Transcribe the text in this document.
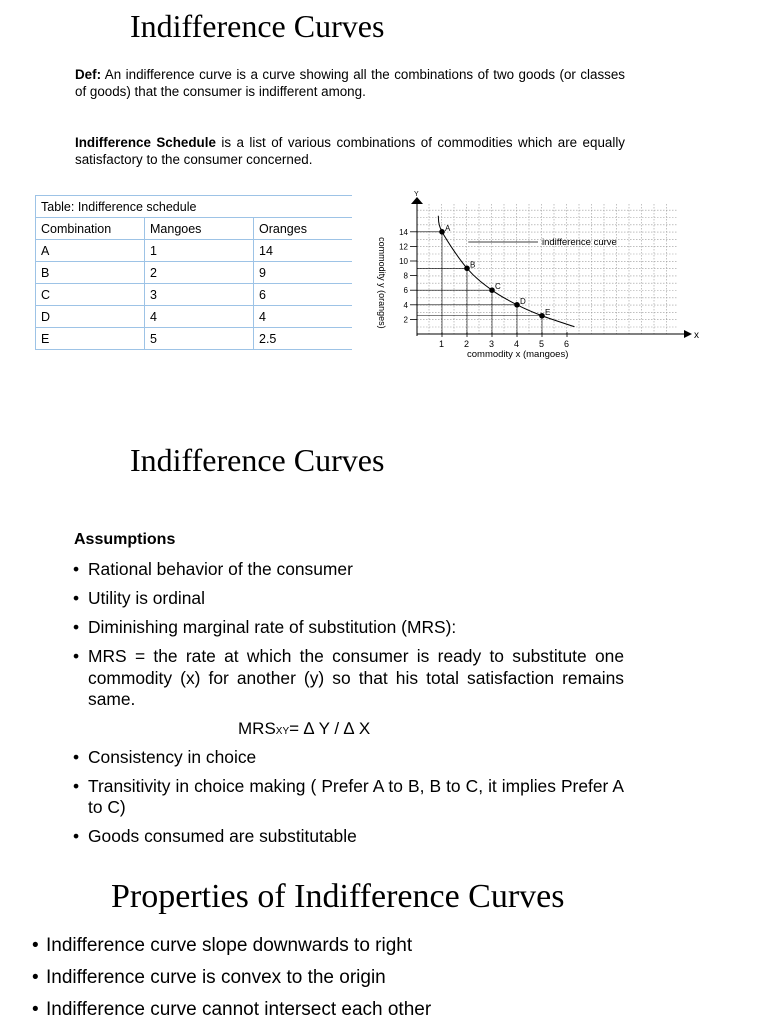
Indifference Curves
Def: An indifference curve is a curve showing all the combinations of two goods (or classes of goods) that the consumer is indifferent among.
Indifference Schedule is a list of various combinations of commodities which are equally satisfactory to the consumer concerned.
Table: Indifference schedule		
Combination	Mangoes	Oranges
A	1	14
B	2	9
C	3	6
D	4	4
E	5	2.5	x
Y
1 2 3 4 5 6
2
4
6
8
10
12
14
commodity x (mangoes)
commodity y (oranges)
A
B
C
D
E
indifference curve
Indifference Curves
Assumptions
• Rational behavior of the consumer
• Utility is ordinal
• Diminishing marginal rate of substitution (MRS):
• MRS = the rate at which the consumer is ready to substitute one commodity (x) for another (y) so that his total satisfaction remains same.
• Consistency in choice
• Transitivity in choice making ( Prefer A to B, B to C, it implies Prefer A to C)
• Goods consumed are substitutable
MRSXY= ∆ Y / ∆ X
Properties of Indifference Curves
• Indifference curve slope downwards to right
• Indifference curve is convex to the origin
• Indifference curve cannot intersect each other
